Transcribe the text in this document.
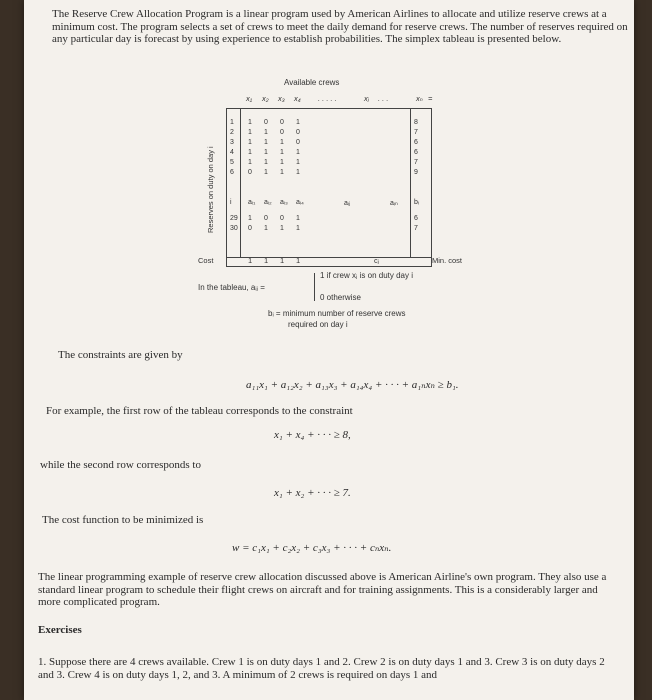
The Reserve Crew Allocation Program is a linear program used by American Airlines to allocate and utilize reserve crews at a minimum cost. The program selects a set of crews to meet the daily demand for reserve crews. The number of reserves required on any particular day is forecast by using experience to establish probabilities. The simplex tableau is presented below.

Available crews
x₁ x₂ x₃ x₄ . . . . .	xⱼ . . .	xₙ =
Reserves on duty on day i
1 1 0 0 1	8
2 1 1 0 0	7
3 1 1 1 0	6
4 1 1 1 1	6
5 1 1 1 1	7
6 0 1 1 1	9
i aᵢ₁ aᵢ₂ aᵢ₃ aᵢ₄	aᵢⱼ	aᵢₙ bᵢ
29 1 0 0 1	6
30 0 1 1 1	7
Cost	1 1 1 1	cⱼ	Min. cost
In the tableau, aᵢⱼ =
1 if crew xⱼ is on duty day i
0 otherwise
bᵢ = minimum number of reserve crews
required on day i
The constraints are given by
a₁₁x₁ + a₁₂x₂ + a₁₃x₃ + a₁₄x₄ + · · · + a₁ₙxₙ ≥ b₁.
For example, the first row of the tableau corresponds to the constraint
x₁ + x₄ + · · · ≥ 8,
while the second row corresponds to
x₁ + x₂ + · · · ≥ 7.
The cost function to be minimized is
w = c₁x₁ + c₂x₂ + c₃x₃ + · · · + cₙxₙ.
The linear programming example of reserve crew allocation discussed above is American Airline's own program. They also use a standard linear program to schedule their flight crews on aircraft and for training assignments. This is a considerably larger and more complicated program.
Exercises
1. Suppose there are 4 crews available. Crew 1 is on duty days 1 and 2. Crew 2 is on duty days 1 and 3. Crew 3 is on duty days 2 and 3. Crew 4 is on duty days 1, 2, and 3. A minimum of 2 crews is required on days 1 and
